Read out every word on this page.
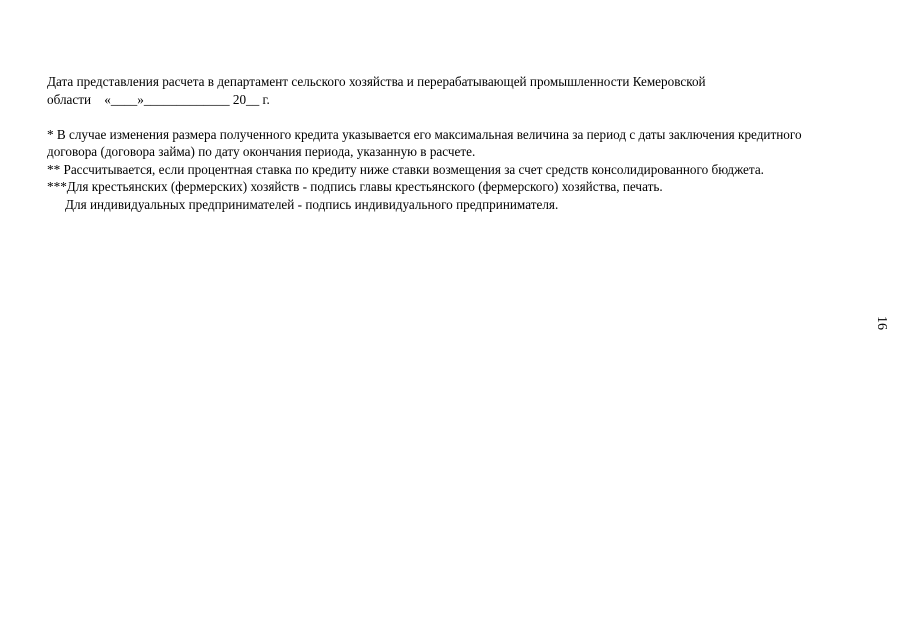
Дата представления расчета в департамент сельского хозяйства и перерабатывающей промышленности Кемеровской

области    «____»_____________ 20__ г.

* В случае изменения размера полученного кредита указывается его максимальная величина за период с даты заключения кредитного договора (договора займа) по дату окончания периода, указанную в расчете.

** Рассчитывается, если процентная ставка по кредиту ниже ставки возмещения за счет средств консолидированного бюджета.

***Для крестьянских (фермерских) хозяйств - подпись главы крестьянского (фермерского) хозяйства, печать.

Для индивидуальных предпринимателей - подпись индивидуального предпринимателя.

16
